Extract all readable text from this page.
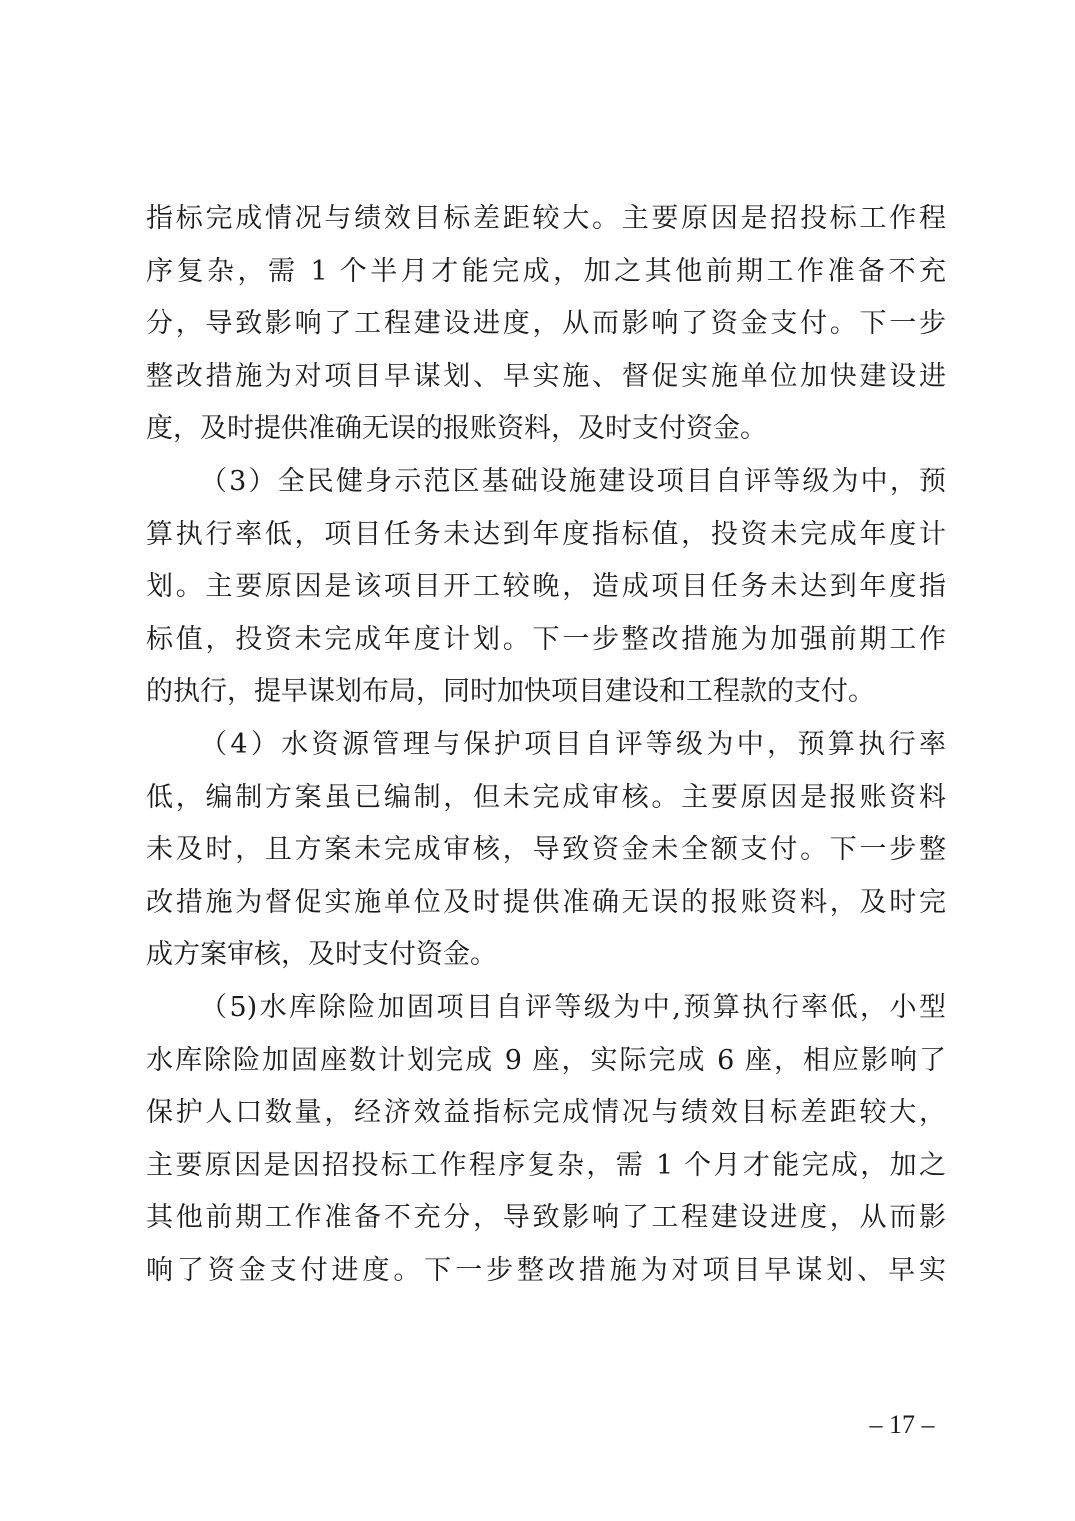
指标完成情况与绩效目标差距较大。主要原因是招投标工作程
序复杂，需 1 个半月才能完成，加之其他前期工作准备不充
分，导致影响了工程建设进度，从而影响了资金支付。下一步
整改措施为对项目早谋划、早实施、督促实施单位加快建设进
度，及时提供准确无误的报账资料，及时支付资金。
（3）全民健身示范区基础设施建设项目自评等级为中，预
算执行率低，项目任务未达到年度指标值，投资未完成年度计
划。主要原因是该项目开工较晚，造成项目任务未达到年度指
标值，投资未完成年度计划。下一步整改措施为加强前期工作
的执行，提早谋划布局，同时加快项目建设和工程款的支付。
（4）水资源管理与保护项目自评等级为中，预算执行率
低，编制方案虽已编制，但未完成审核。主要原因是报账资料
未及时，且方案未完成审核，导致资金未全额支付。下一步整
改措施为督促实施单位及时提供准确无误的报账资料，及时完
成方案审核，及时支付资金。
（5)水库除险加固项目自评等级为中,预算执行率低，小型
水库除险加固座数计划完成 9 座，实际完成 6 座，相应影响了
保护人口数量，经济效益指标完成情况与绩效目标差距较大，
主要原因是因招投标工作程序复杂，需 1 个月才能完成，加之
其他前期工作准备不充分，导致影响了工程建设进度，从而影
响了资金支付进度。下一步整改措施为对项目早谋划、早实
– 17 –
